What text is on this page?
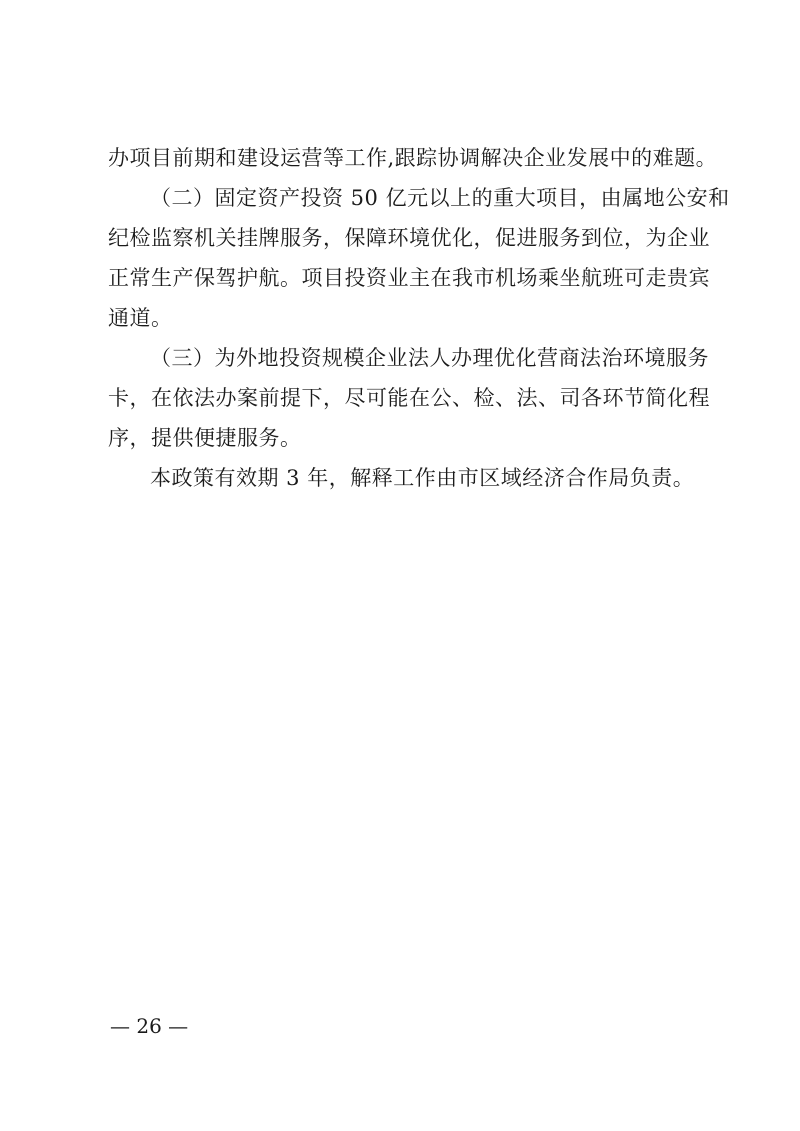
办项目前期和建设运营等工作,跟踪协调解决企业发展中的难题。
（二）固定资产投资 50 亿元以上的重大项目，由属地公安和
纪检监察机关挂牌服务，保障环境优化，促进服务到位，为企业
正常生产保驾护航。项目投资业主在我市机场乘坐航班可走贵宾
通道。
（三）为外地投资规模企业法人办理优化营商法治环境服务
卡，在依法办案前提下，尽可能在公、检、法、司各环节简化程
序，提供便捷服务。
本政策有效期 3 年，解释工作由市区域经济合作局负责。
— 26 —
